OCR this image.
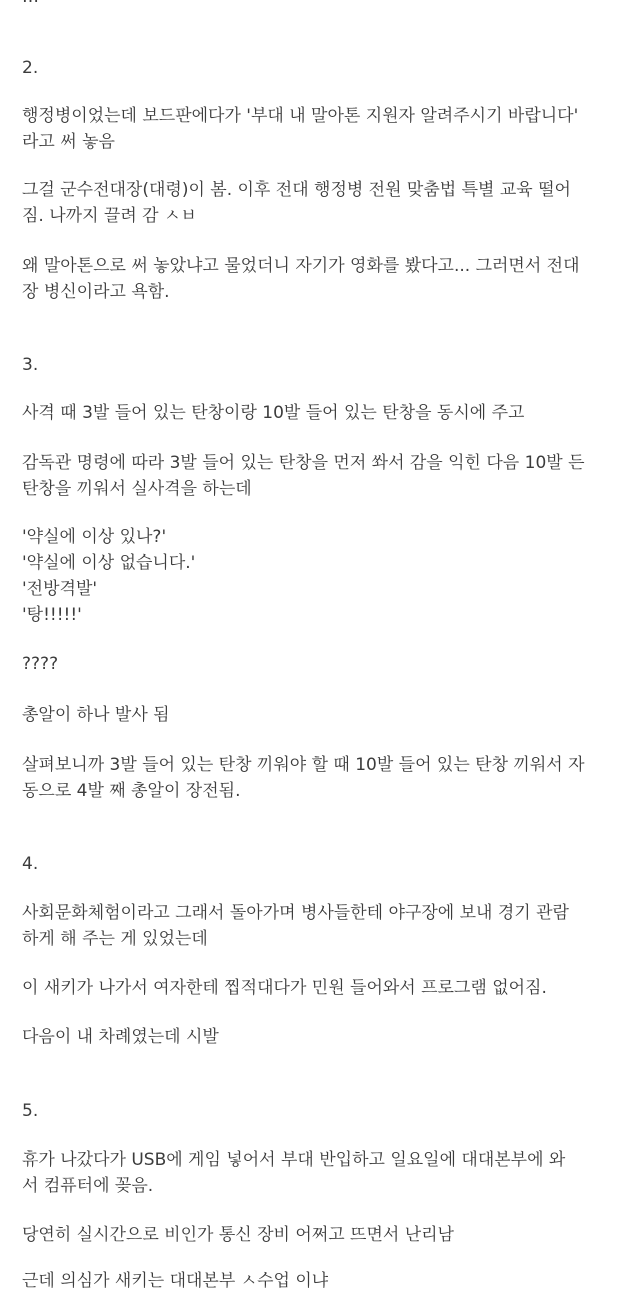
2.
행정병이었는데 보드판에다가 '부대 내 말아톤 지원자 알려주시기 바랍니다'
라고 써 놓음
그걸 군수전대장(대령)이 봄. 이후 전대 행정병 전원 맞춤법 특별 교육 떨어
짐. 나까지 끌려 감 ㅅㅂ
왜 말아톤으로 써 놓았냐고 물었더니 자기가 영화를 봤다고... 그러면서 전대
장 병신이라고 욕함.
3.
사격 때 3발 들어 있는 탄창이랑 10발 들어 있는 탄창을 동시에 주고
감독관 명령에 따라 3발 들어 있는 탄창을 먼저 쏴서 감을 익힌 다음 10발 든
탄창을 끼워서 실사격을 하는데
'약실에 이상 있나?'
'약실에 이상 없습니다.'
'전방격발'
'탕!!!!!'
????
총알이 하나 발사 됨
살펴보니까 3발 들어 있는 탄창 끼워야 할 때 10발 들어 있는 탄창 끼워서 자
동으로 4발 째 총알이 장전됨.
4.
사회문화체험이라고 그래서 돌아가며 병사들한테 야구장에 보내 경기 관람
하게 해 주는 게 있었는데
이 새키가 나가서 여자한테 찝적대다가 민원 들어와서 프로그램 없어짐.
다음이 내 차례였는데 시발
5.
휴가 나갔다가 USB에 게임 넣어서 부대 반입하고 일요일에 대대본부에 와
서 컴퓨터에 꽂음.
당연히 실시간으로 비인가 통신 장비 어쩌고 뜨면서 난리남
근데 의심가 새키는 대대본부 ㅅ수업 이냐
